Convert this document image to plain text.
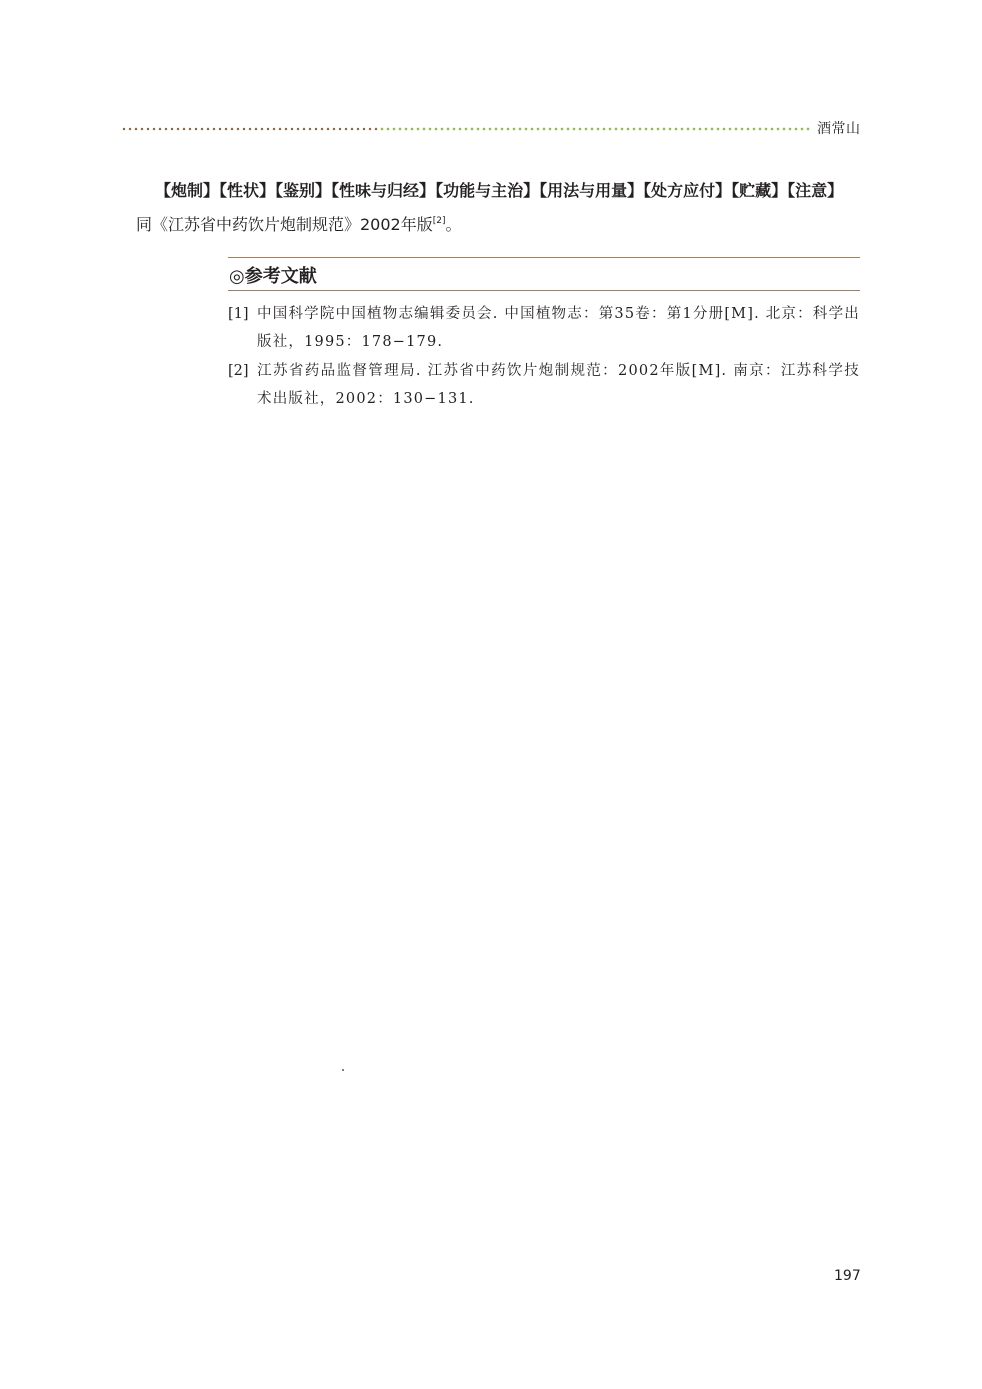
酒常山
【炮制】【性状】【鉴别】【性味与归经】【功能与主治】【用法与用量】【处方应付】【贮藏】【注意】同《江苏省中药饮片炮制规范》2002年版[2]。
◎参考文献
[1] 中国科学院中国植物志编辑委员会. 中国植物志：第35卷：第1分册[M]. 北京：科学出版社，1995：178−179.
[2] 江苏省药品监督管理局. 江苏省中药饮片炮制规范：2002年版[M]. 南京：江苏科学技术出版社，2002：130−131.
197
